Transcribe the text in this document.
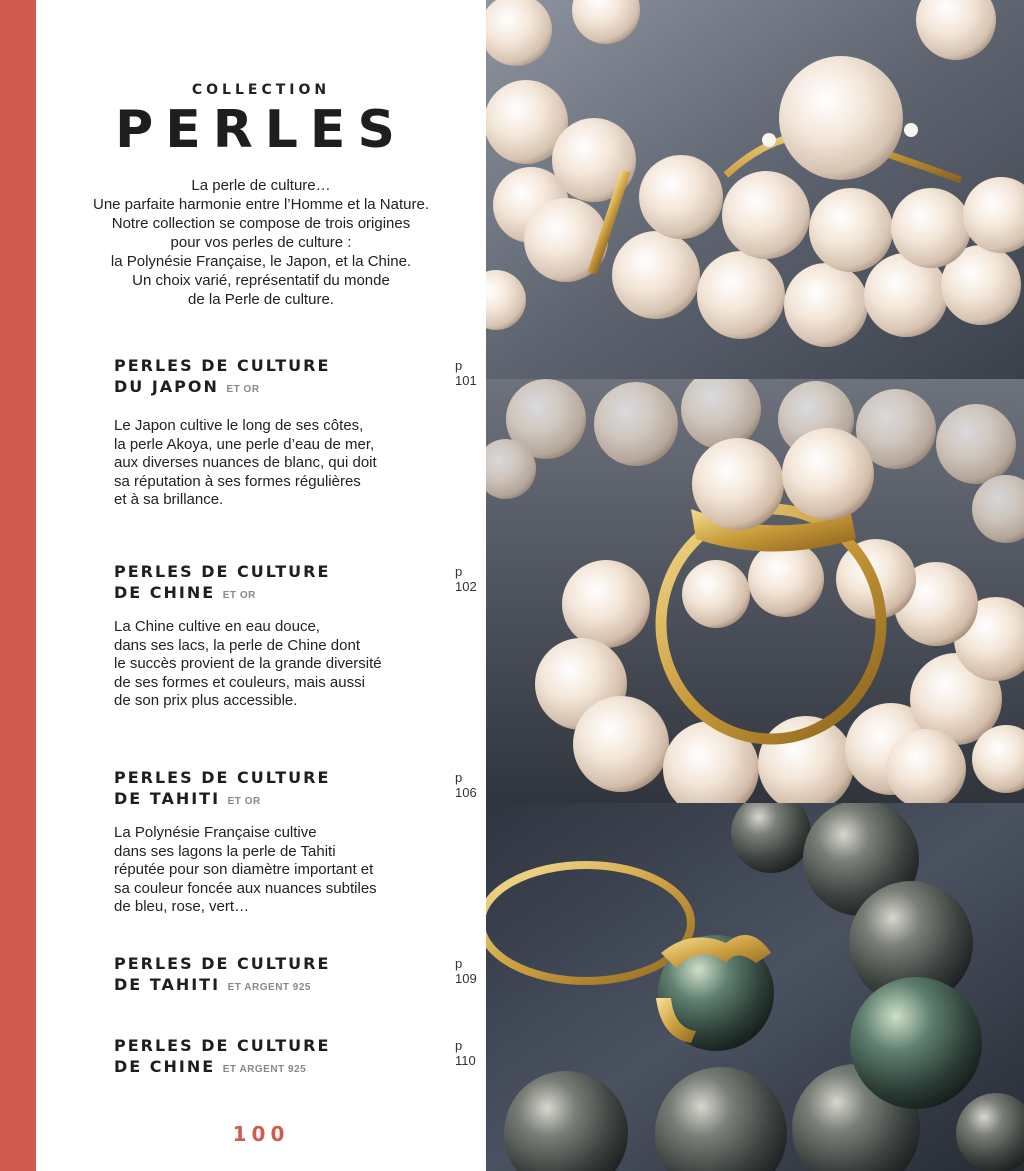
COLLECTION
PERLES
La perle de culture…
Une parfaite harmonie entre l’Homme et la Nature.
Notre collection se compose de trois origines
pour vos perles de culture :
la Polynésie Française, le Japon, et la Chine.
Un choix varié, représentatif du monde
de la Perle de culture.
PERLES DE CULTURE
DU JAPON ET OR
p 101
Le Japon cultive le long de ses côtes,
la perle Akoya, une perle d’eau de mer,
aux diverses nuances de blanc, qui doit
sa réputation à ses formes régulières
et à sa brillance.
PERLES DE CULTURE
DE CHINE ET OR
p 102
La Chine cultive en eau douce,
dans ses lacs, la perle de Chine dont
le succès provient de la grande diversité
de ses formes et couleurs, mais aussi
de son prix plus accessible.
PERLES DE CULTURE
DE TAHITI ET OR
p 106
La Polynésie Française cultive
dans ses lagons la perle de Tahiti
réputée pour son diamètre important et
sa couleur foncée aux nuances subtiles
de bleu, rose, vert…
PERLES DE CULTURE
DE TAHITI ET ARGENT 925
p 109
PERLES DE CULTURE
DE CHINE ET ARGENT 925
p 110
100
